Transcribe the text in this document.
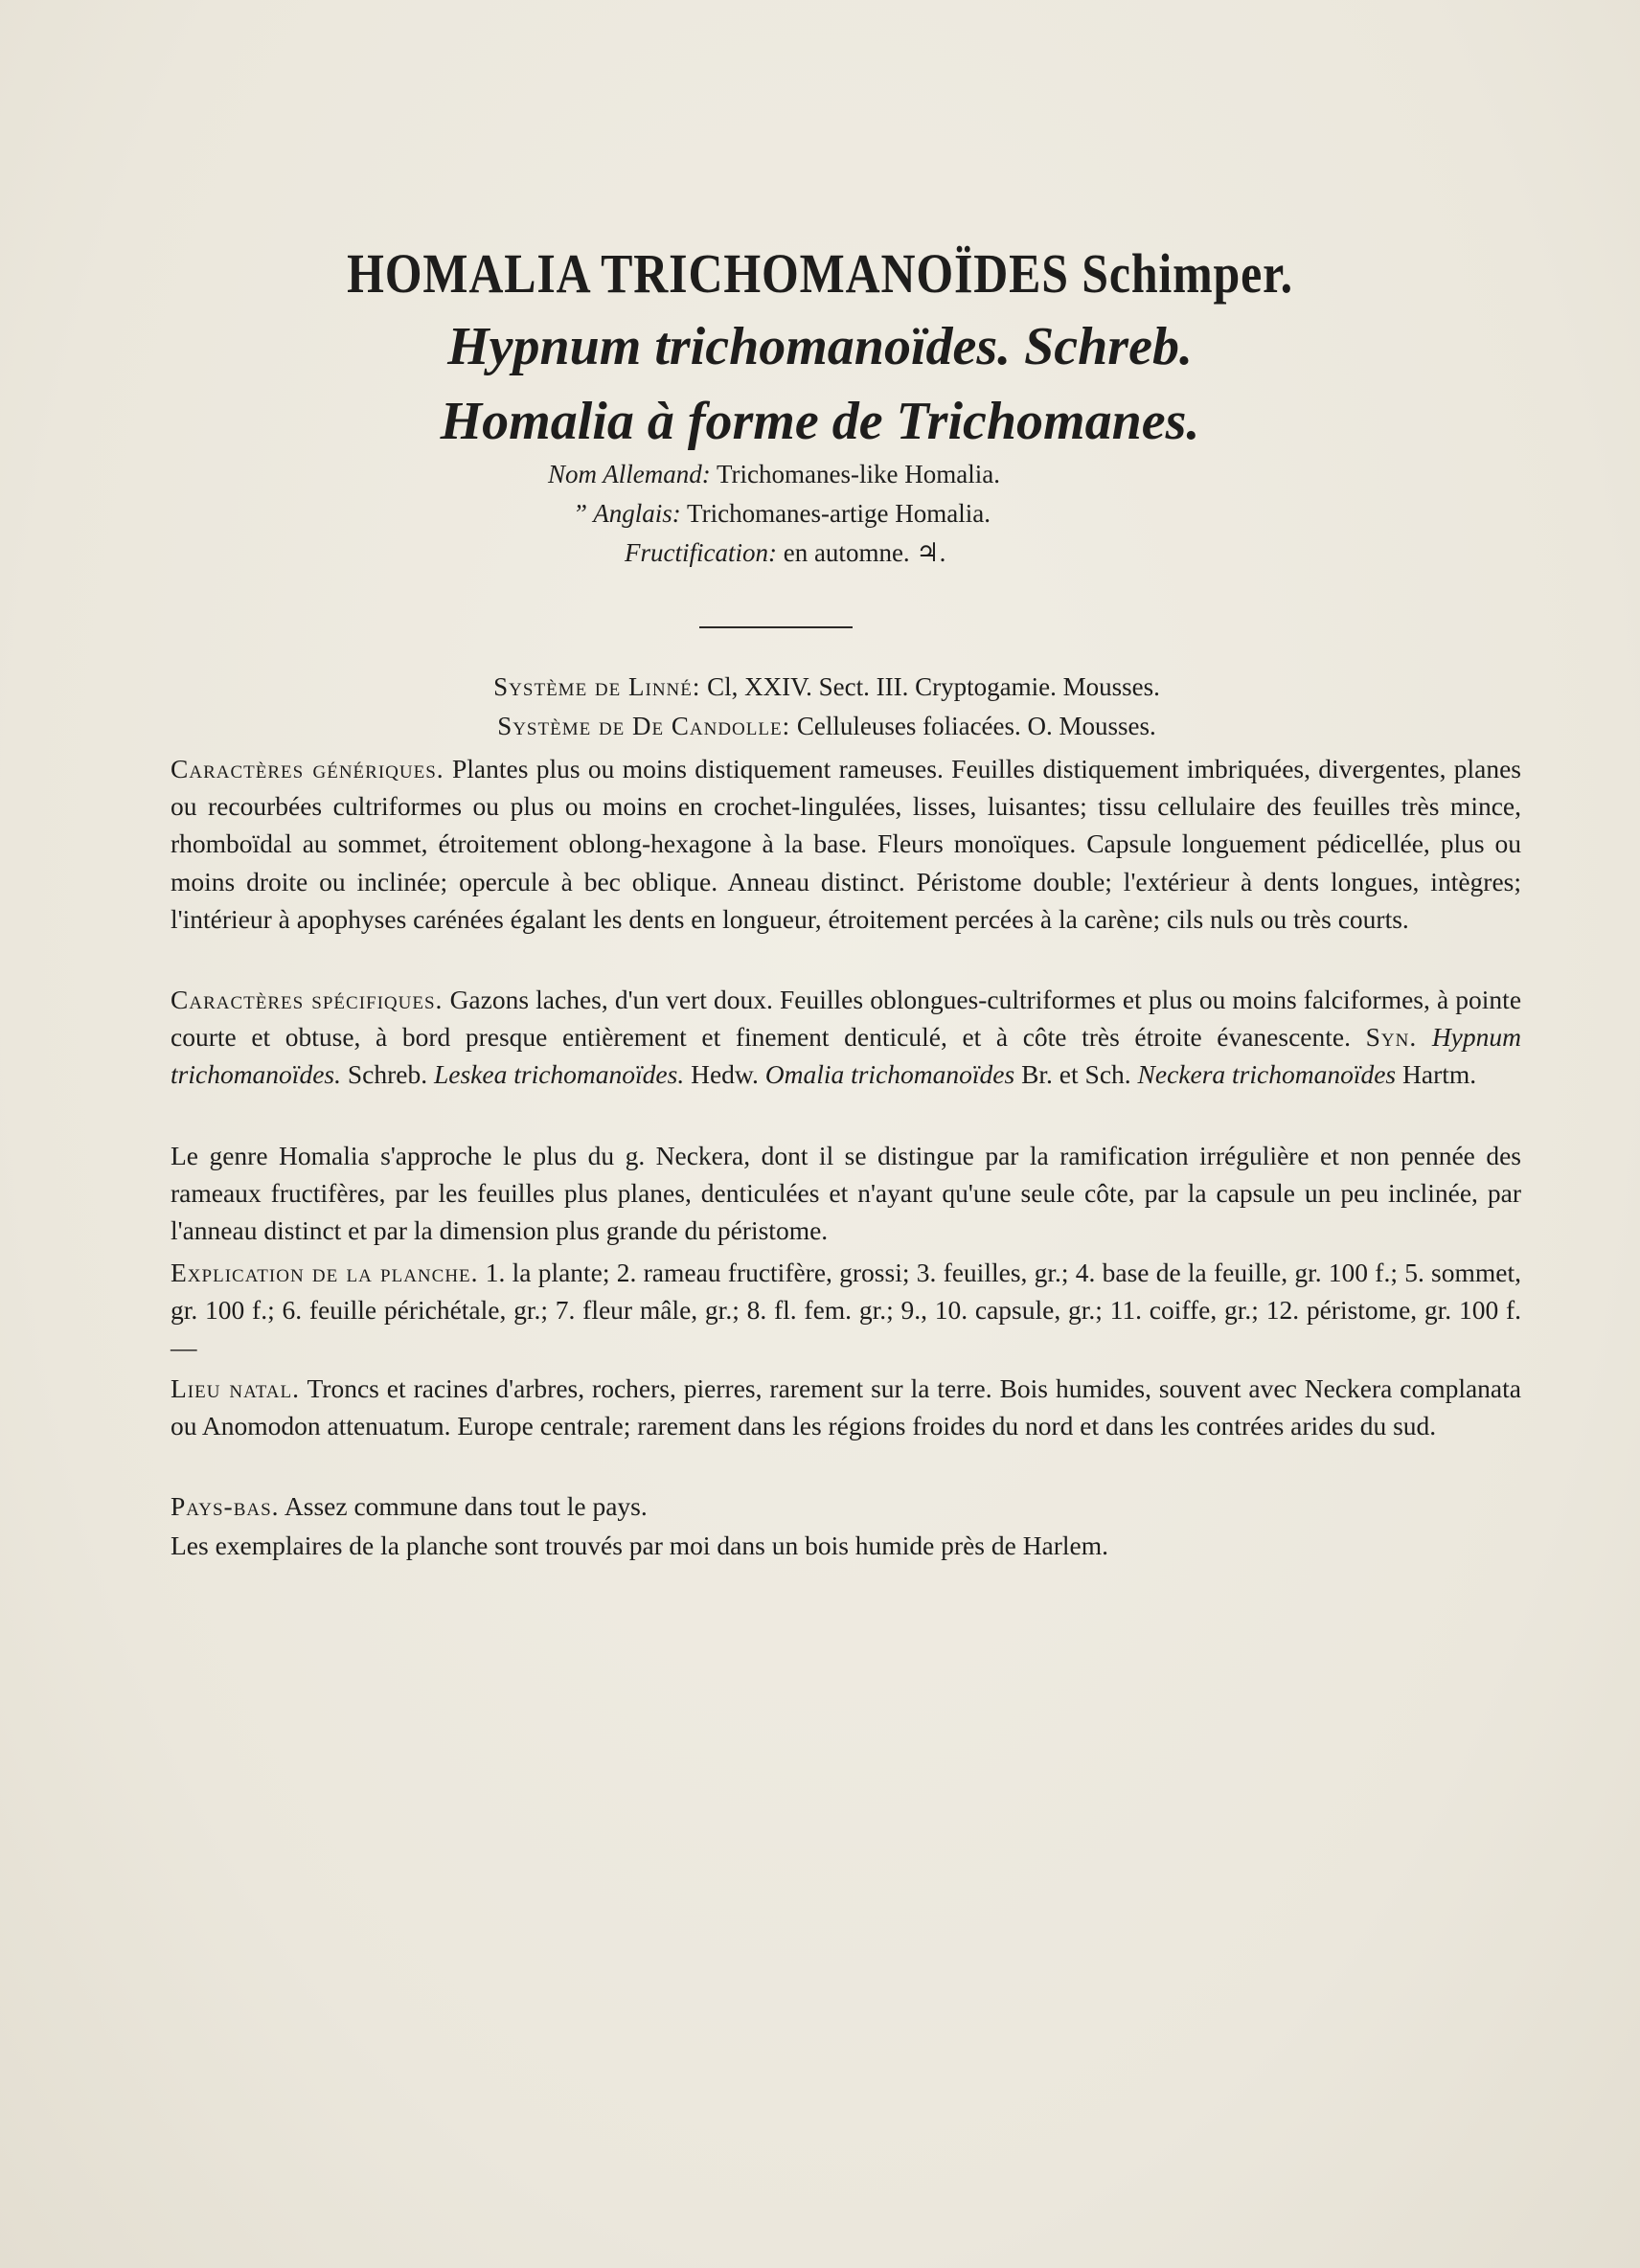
HOMALIA TRICHOMANOÏDES Schimper.
Hypnum trichomanoïdes. Schreb.
Homalia à forme de Trichomanes.
Nom Allemand: Trichomanes-like Homalia.
” Anglais: Trichomanes-artige Homalia.
Fructification: en automne. ♃.
Système de Linné: Cl, XXIV. Sect. III. Cryptogamie. Mousses.
Système de De Candolle: Celluleuses foliacées. O. Mousses.
Caractères génériques. Plantes plus ou moins distiquement rameuses. Feuilles distiquement imbriquées, divergentes, planes ou recourbées cultriformes ou plus ou moins en crochet-lingulées, lisses, luisantes; tissu cellulaire des feuilles très mince, rhomboïdal au sommet, étroitement oblong-hexagone à la base. Fleurs monoïques. Capsule longuement pédicellée, plus ou moins droite ou inclinée; opercule à bec oblique. Anneau distinct. Péristome double; l'extérieur à dents longues, intègres; l'intérieur à apophyses carénées égalant les dents en longueur, étroitement percées à la carène; cils nuls ou très courts.
Caractères spécifiques. Gazons laches, d'un vert doux. Feuilles oblongues-cultriformes et plus ou moins falciformes, à pointe courte et obtuse, à bord presque entièrement et finement denticulé, et à côte très étroite évanescente. Syn. Hypnum trichomanoïdes. Schreb. Leskea trichomanoïdes. Hedw. Omalia trichomanoïdes Br. et Sch. Neckera trichomanoïdes Hartm.
Le genre Homalia s'approche le plus du g. Neckera, dont il se distingue par la ramification irrégulière et non pennée des rameaux fructifères, par les feuilles plus planes, denticulées et n'ayant qu'une seule côte, par la capsule un peu inclinée, par l'anneau distinct et par la dimension plus grande du péristome.
Explication de la planche. 1. la plante; 2. rameau fructifère, grossi; 3. feuilles, gr.; 4. base de la feuille, gr. 100 f.; 5. sommet, gr. 100 f.; 6. feuille périchétale, gr.; 7. fleur mâle, gr.; 8. fl. fem. gr.; 9., 10. capsule, gr.; 11. coiffe, gr.; 12. péristome, gr. 100 f. —
Lieu natal. Troncs et racines d'arbres, rochers, pierres, rarement sur la terre. Bois humides, souvent avec Neckera complanata ou Anomodon attenuatum. Europe centrale; rarement dans les régions froides du nord et dans les contrées arides du sud.
Pays-bas. Assez commune dans tout le pays.
Les exemplaires de la planche sont trouvés par moi dans un bois humide près de Harlem.
